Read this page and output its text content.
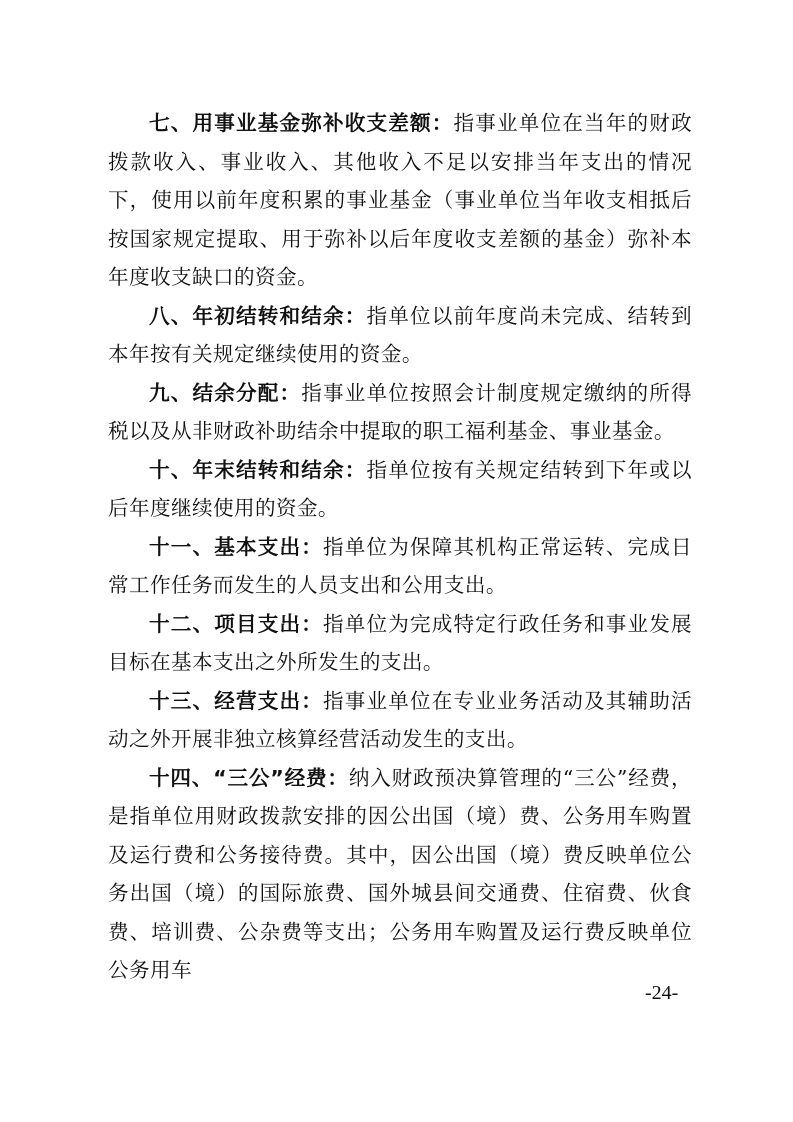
七、用事业基金弥补收支差额：指事业单位在当年的财政拨款收入、事业收入、其他收入不足以安排当年支出的情况下，使用以前年度积累的事业基金（事业单位当年收支相抵后按国家规定提取、用于弥补以后年度收支差额的基金）弥补本年度收支缺口的资金。

八、年初结转和结余：指单位以前年度尚未完成、结转到本年按有关规定继续使用的资金。

九、结余分配：指事业单位按照会计制度规定缴纳的所得税以及从非财政补助结余中提取的职工福利基金、事业基金。

十、年末结转和结余：指单位按有关规定结转到下年或以后年度继续使用的资金。

十一、基本支出：指单位为保障其机构正常运转、完成日常工作任务而发生的人员支出和公用支出。

十二、项目支出：指单位为完成特定行政任务和事业发展目标在基本支出之外所发生的支出。

十三、经营支出：指事业单位在专业业务活动及其辅助活动之外开展非独立核算经营活动发生的支出。

十四、“三公”经费：纳入财政预决算管理的“三公”经费，是指单位用财政拨款安排的因公出国（境）费、公务用车购置及运行费和公务接待费。其中，因公出国（境）费反映单位公务出国（境）的国际旅费、国外城县间交通费、住宿费、伙食费、培训费、公杂费等支出；公务用车购置及运行费反映单位公务用车

-24-
